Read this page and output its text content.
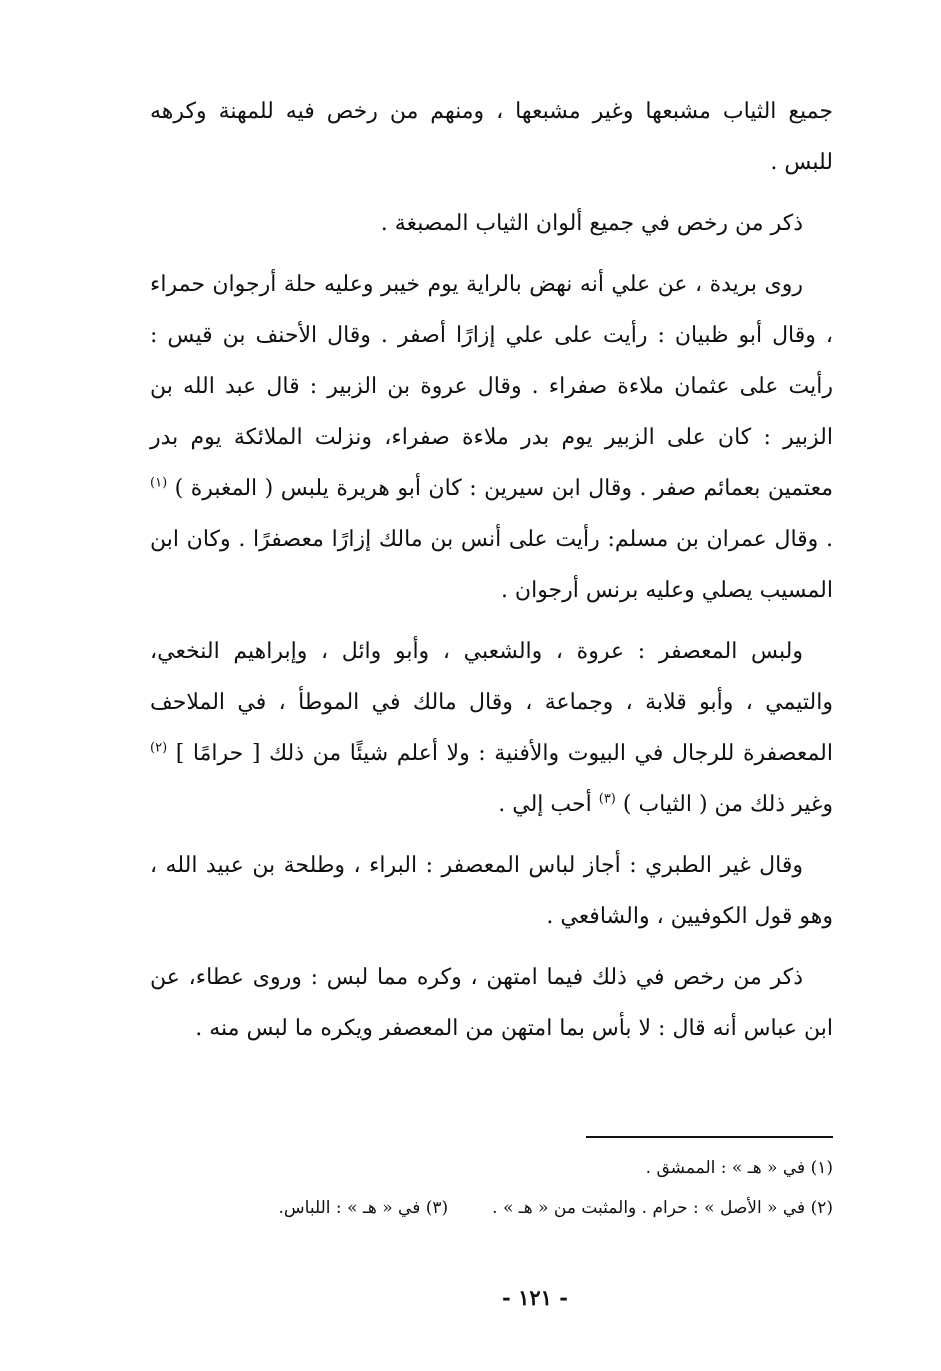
جميع الثياب مشبعها وغير مشبعها ، ومنهم من رخص فيه للمهنة وكرهه للبس .

ذكر من رخص في جميع ألوان الثياب المصبغة .

روى بريدة ، عن علي أنه نهض بالراية يوم خيبر وعليه حلة أرجوان حمراء ، وقال أبو ظبيان : رأيت على علي إزارًا أصفر . وقال الأحنف بن قيس : رأيت على عثمان ملاءة صفراء . وقال عروة بن الزبير : قال عبد الله بن الزبير : كان على الزبير يوم بدر ملاءة صفراء، ونزلت الملائكة يوم بدر معتمين بعمائم صفر . وقال ابن سيرين : كان أبو هريرة يلبس ( المغبرة ) $^{(١)}$ . وقال عمران بن مسلم: رأيت على أنس بن مالك إزارًا معصفرًا . وكان ابن المسيب يصلي وعليه برنس أرجوان .

ولبس المعصفر : عروة ، والشعبي ، وأبو وائل ، وإبراهيم النخعي، والتيمي ، وأبو قلابة ، وجماعة ، وقال مالك في الموطأ ، في الملاحف المعصفرة للرجال في البيوت والأفنية : ولا أعلم شيئًا من ذلك [ حرامًا ] $^{(٢)}$ وغير ذلك من ( الثياب ) $^{(٣)}$ أحب إلي .

وقال غير الطبري : أجاز لباس المعصفر : البراء ، وطلحة بن عبيد الله ، وهو قول الكوفيين ، والشافعي .

ذكر من رخص في ذلك فيما امتهن ، وكره مما لبس : وروى عطاء، عن ابن عباس أنه قال : لا بأس بما امتهن من المعصفر ويكره ما لبس منه .

(١) في « هـ » : الممشق .
(٢) في « الأصل » : حرام . والمثبت من « هـ » .(٣) في « هـ » : اللباس.
- ١٢١ -
